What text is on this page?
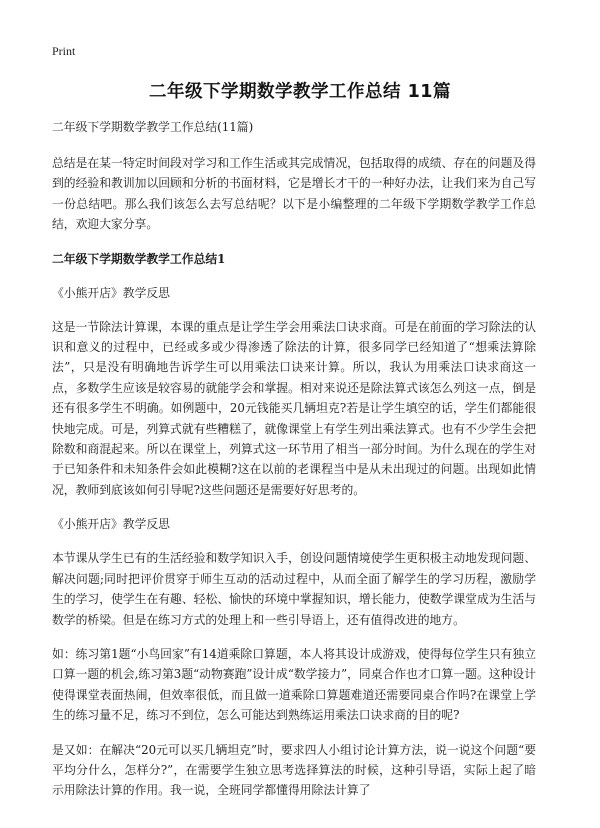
Print
二年级下学期数学教学工作总结 11篇

二年级下学期数学教学工作总结(11篇)

总结是在某一特定时间段对学习和工作生活或其完成情况，包括取得的成绩、存在的问题及得到的经验和教训加以回顾和分析的书面材料，它是增长才干的一种好办法，让我们来为自己写一份总结吧。那么我们该怎么去写总结呢？以下是小编整理的二年级下学期数学教学工作总结，欢迎大家分享。

二年级下学期数学教学工作总结1

《小熊开店》教学反思

这是一节除法计算课，本课的重点是让学生学会用乘法口诀求商。可是在前面的学习除法的认识和意义的过程中，已经或多或少得渗透了除法的计算，很多同学已经知道了“想乘法算除法”，只是没有明确地告诉学生可以用乘法口诀来计算。所以，我认为用乘法口诀求商这一点，多数学生应该是较容易的就能学会和掌握。相对来说还是除法算式该怎么列这一点，倒是还有很多学生不明确。如例题中，20元钱能买几辆坦克?若是让学生填空的话，学生们都能很快地完成。可是，列算式就有些糟糕了，就像课堂上有学生列出乘法算式。也有不少学生会把除数和商混起来。所以在课堂上，列算式这一环节用了相当一部分时间。为什么现在的学生对于已知条件和未知条件会如此模糊?这在以前的老课程当中是从未出现过的问题。出现如此情况，教师到底该如何引导呢?这些问题还是需要好好思考的。

《小熊开店》教学反思

本节课从学生已有的生活经验和数学知识入手，创设问题情境使学生更积极主动地发现问题、解决问题;同时把评价贯穿于师生互动的活动过程中，从而全面了解学生的学习历程，激励学生的学习，使学生在有趣、轻松、愉快的环境中掌握知识，增长能力，使数学课堂成为生活与数学的桥梁。但是在练习方式的处理上和一些引导语上，还有值得改进的地方。

如：练习第1题“小鸟回家”有14道乘除口算题，本人将其设计成游戏，使得每位学生只有独立口算一题的机会,练习第3题“动物赛跑”设计成“数学接力”，同桌合作也才口算一题。这种设计使得课堂表面热闹，但效率很低，而且做一道乘除口算题难道还需要同桌合作吗?在课堂上学生的练习量不足，练习不到位，怎么可能达到熟练运用乘法口诀求商的目的呢?

是又如：在解决“20元可以买几辆坦克”时，要求四人小组讨论计算方法，说一说这个问题“要平均分什么，怎样分?”，在需要学生独立思考选择算法的时候，这种引导语，实际上起了暗示用除法计算的作用。我一说，全班同学都懂得用除法计算了
